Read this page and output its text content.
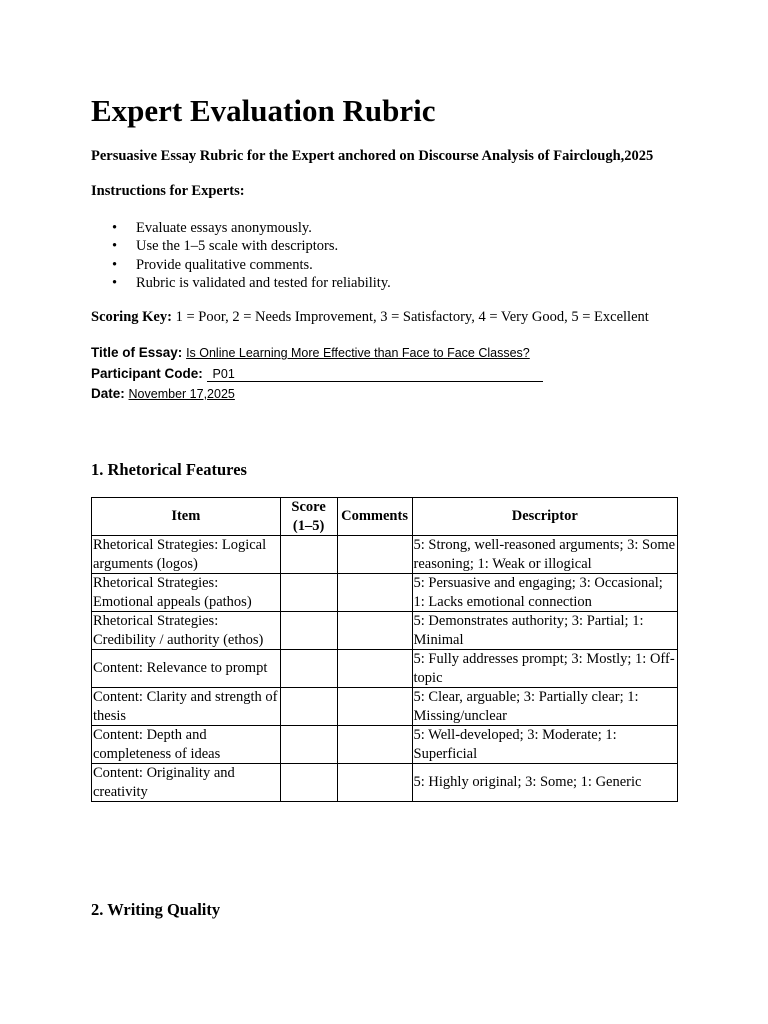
Expert Evaluation Rubric
Persuasive Essay Rubric for the Expert anchored on Discourse Analysis of Fairclough,2025
Instructions for Experts:
• Evaluate essays anonymously.
• Use the 1–5 scale with descriptors.
• Provide qualitative comments.
• Rubric is validated and tested for reliability.
Scoring Key: 1 = Poor, 2 = Needs Improvement, 3 = Satisfactory, 4 = Very Good, 5 = Excellent
Title of Essay: Is Online Learning More Effective than Face to Face Classes?
Participant Code: P01
Date: November 17,2025
1. Rhetorical Features
Item	Score (1–5)	Comments	Descriptor
Rhetorical Strategies: Logical arguments (logos)			5: Strong, well-reasoned arguments; 3: Some reasoning; 1: Weak or illogical
Rhetorical Strategies: Emotional appeals (pathos)			5: Persuasive and engaging; 3: Occasional; 1: Lacks emotional connection
Rhetorical Strategies: Credibility / authority (ethos)			5: Demonstrates authority; 3: Partial; 1: Minimal
Content: Relevance to prompt			5: Fully addresses prompt; 3: Mostly; 1: Off-topic
Content: Clarity and strength of thesis			5: Clear, arguable; 3: Partially clear; 1: Missing/unclear
Content: Depth and completeness of ideas			5: Well-developed; 3: Moderate; 1: Superficial
Content: Originality and creativity			5: Highly original; 3: Some; 1: Generic
2. Writing Quality
